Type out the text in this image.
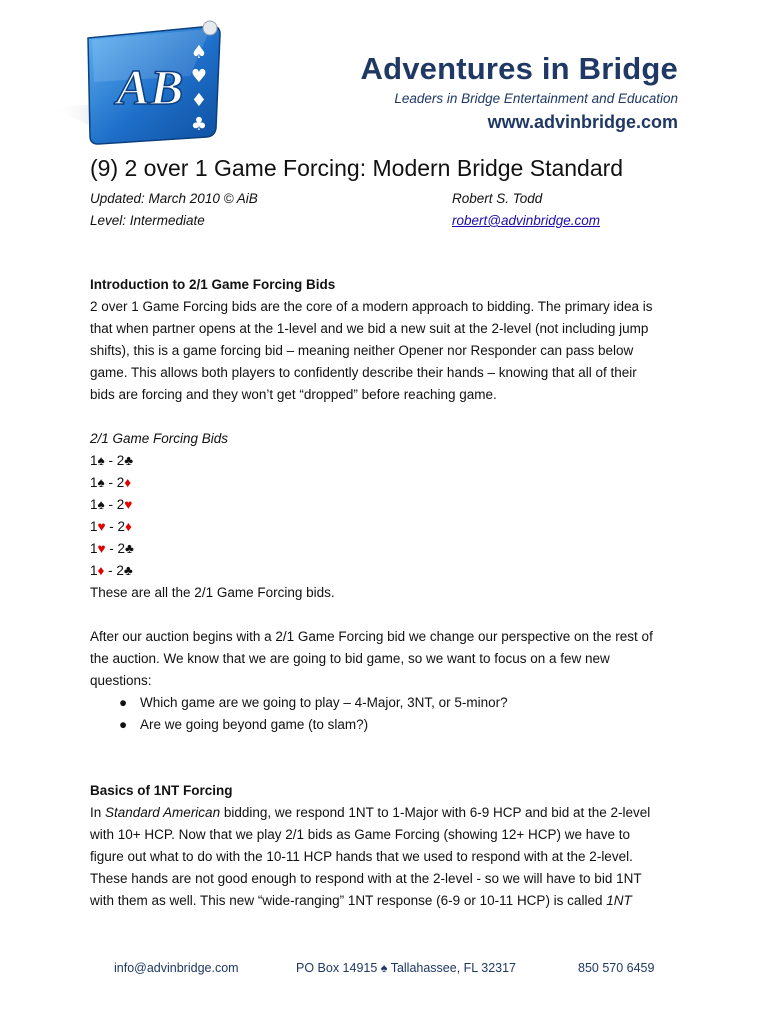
AB
♠
♥
♦
♣
Adventures in Bridge
Leaders in Bridge Entertainment and Education
www.advinbridge.com
(9) 2 over 1 Game Forcing: Modern Bridge Standard
Updated: March 2010 © AiB
Level: Intermediate
Robert S. Todd
robert@advinbridge.com

Introduction to 2/1 Game Forcing Bids

2 over 1 Game Forcing bids are the core of a modern approach to bidding. The primary idea is

that when partner opens at the 1-level and we bid a new suit at the 2-level (not including jump

shifts), this is a game forcing bid – meaning neither Opener nor Responder can pass below

game. This allows both players to confidently describe their hands – knowing that all of their

bids are forcing and they won’t get “dropped” before reaching game.

2/1 Game Forcing Bids

1♠ - 2♣

1♠ - 2♦

1♠ - 2♥

1♥ - 2♦

1♥ - 2♣

1♦ - 2♣

These are all the 2/1 Game Forcing bids.

After our auction begins with a 2/1 Game Forcing bid we change our perspective on the rest of

the auction. We know that we are going to bid game, so we want to focus on a few new

questions:

● Which game are we going to play – 4-Major, 3NT, or 5-minor?
● Are we going beyond game (to slam?)

Basics of 1NT Forcing

In Standard American bidding, we respond 1NT to 1-Major with 6-9 HCP and bid at the 2-level

with 10+ HCP. Now that we play 2/1 bids as Game Forcing (showing 12+ HCP) we have to

figure out what to do with the 10-11 HCP hands that we used to respond with at the 2-level.

These hands are not good enough to respond with at the 2-level - so we will have to bid 1NT

with them as well. This new “wide-ranging” 1NT response (6-9 or 10-11 HCP) is called 1NT

info@advinbridge.com	PO Box 14915 ♠ Tallahassee, FL 32317	850 570 6459
